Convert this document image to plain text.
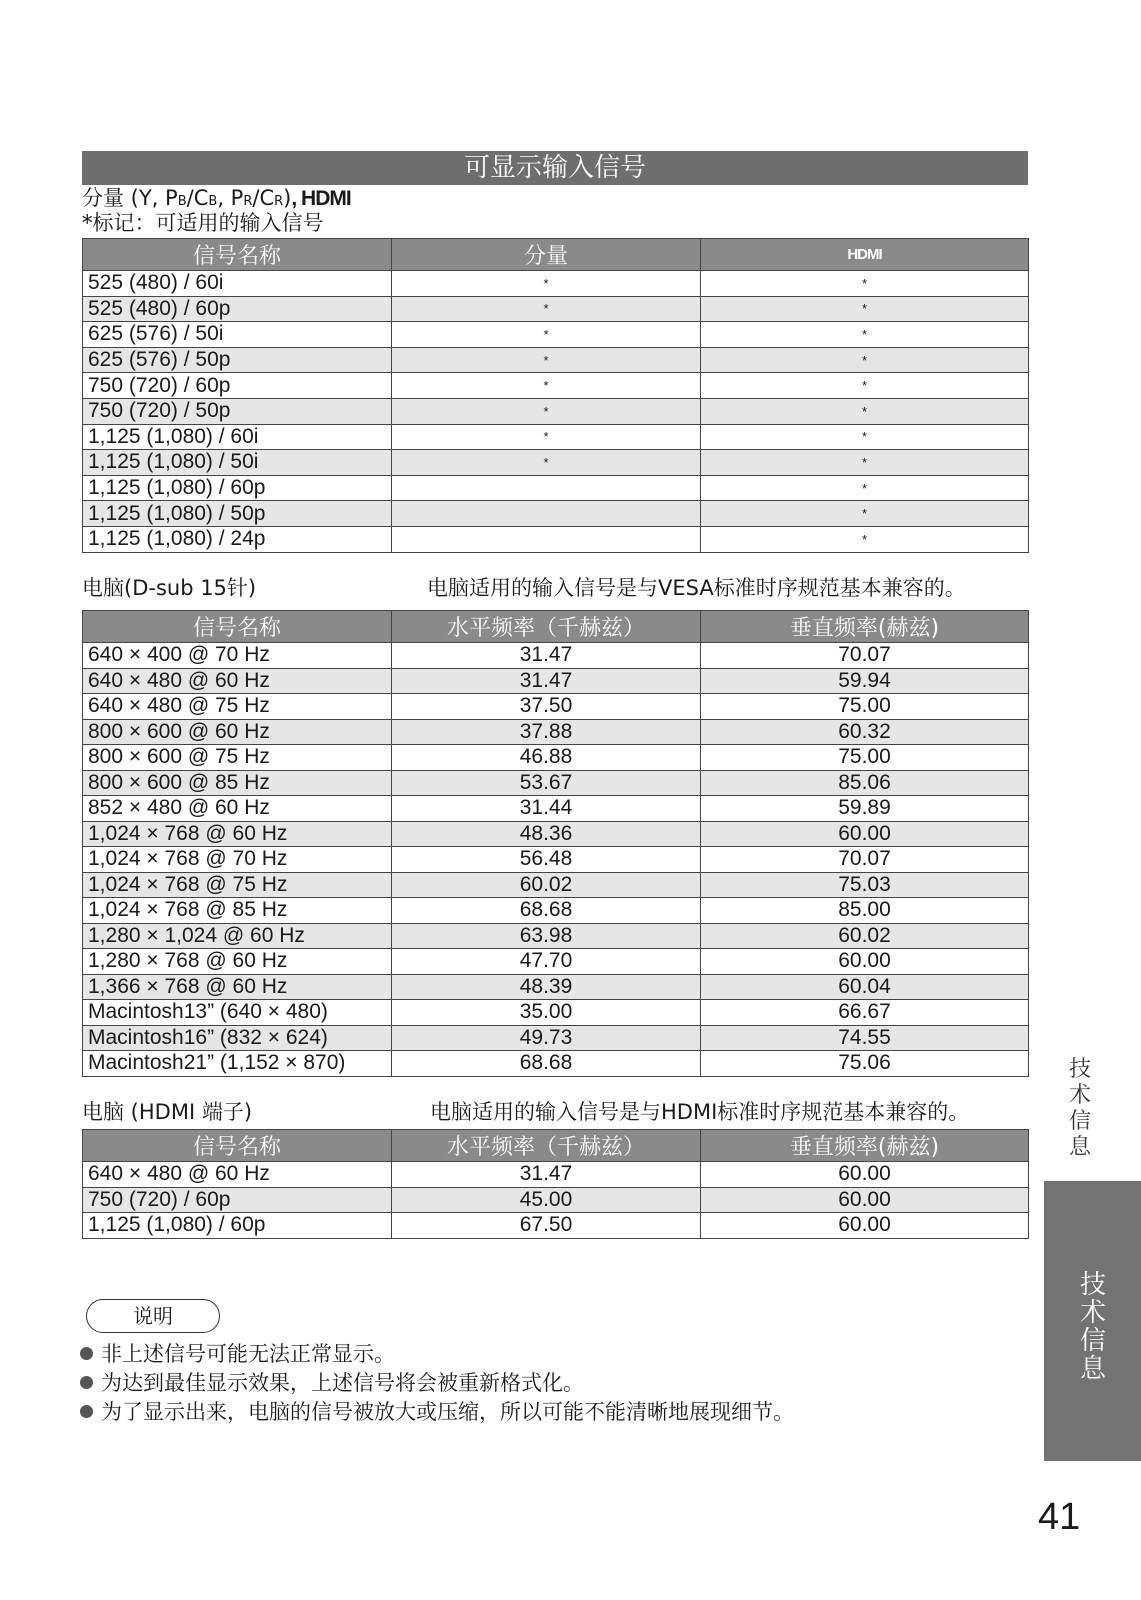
可显示输入信号
分量 (Y, PB/CB, PR/CR), HDMI
*标记：可适用的输入信号
信号名称	分量	HDMI
525 (480) / 60i	*	*
525 (480) / 60p	*	*
625 (576) / 50i	*	*
625 (576) / 50p	*	*
750 (720) / 60p	*	*
750 (720) / 50p	*	*
1,125 (1,080) / 60i	*	*
1,125 (1,080) / 50i	*	*
1,125 (1,080) / 60p		*
1,125 (1,080) / 50p		*
1,125 (1,080) / 24p		*
电脑(D-sub 15针)	电脑适用的输入信号是与VESA标准时序规范基本兼容的。
信号名称	水平频率（千赫兹）	垂直频率(赫兹)
640 × 400 @ 70 Hz	31.47	70.07
640 × 480 @ 60 Hz	31.47	59.94
640 × 480 @ 75 Hz	37.50	75.00
800 × 600 @ 60 Hz	37.88	60.32
800 × 600 @ 75 Hz	46.88	75.00
800 × 600 @ 85 Hz	53.67	85.06
852 × 480 @ 60 Hz	31.44	59.89
1,024 × 768 @ 60 Hz	48.36	60.00
1,024 × 768 @ 70 Hz	56.48	70.07
1,024 × 768 @ 75 Hz	60.02	75.03
1,024 × 768 @ 85 Hz	68.68	85.00
1,280 × 1,024 @ 60 Hz	63.98	60.02
1,280 × 768 @ 60 Hz	47.70	60.00
1,366 × 768 @ 60 Hz	48.39	60.04
Macintosh13” (640 × 480)	35.00	66.67
Macintosh16” (832 × 624)	49.73	74.55
Macintosh21” (1,152 × 870)	68.68	75.06
电脑 (HDMI 端子)	电脑适用的输入信号是与HDMI标准时序规范基本兼容的。
信号名称	水平频率（千赫兹）	垂直频率(赫兹)
640 × 480 @ 60 Hz	31.47	60.00
750 (720) / 60p	45.00	60.00
1,125 (1,080) / 60p	67.50	60.00
说明
非上述信号可能无法正常显示。
为达到最佳显示效果，上述信号将会被重新格式化。
为了显示出来，电脑的信号被放大或压缩，所以可能不能清晰地展现细节。
技术信息
技术信息
41
